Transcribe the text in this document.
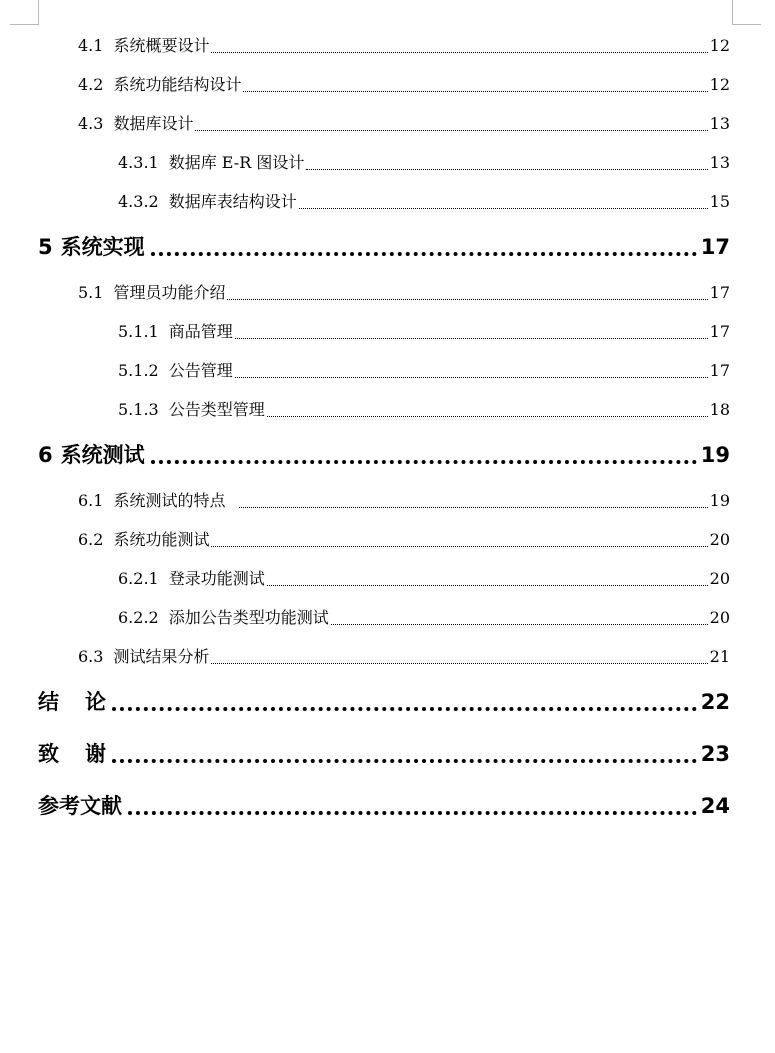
4.1 系统概要设计	12
4.2 系统功能结构设计	12
4.3 数据库设计	13
4.3.1 数据库 E-R 图设计	13
4.3.2 数据库表结构设计	15
5 系统实现	17
5.1 管理员功能介绍	17
5.1.1 商品管理	17
5.1.2 公告管理	17
5.1.3 公告类型管理	18
6 系统测试	19
6.1 系统测试的特点	19
6.2 系统功能测试	20
6.2.1 登录功能测试	20
6.2.2 添加公告类型功能测试	20
6.3 测试结果分析	21
结论	22
致谢	23
参考文献	24
